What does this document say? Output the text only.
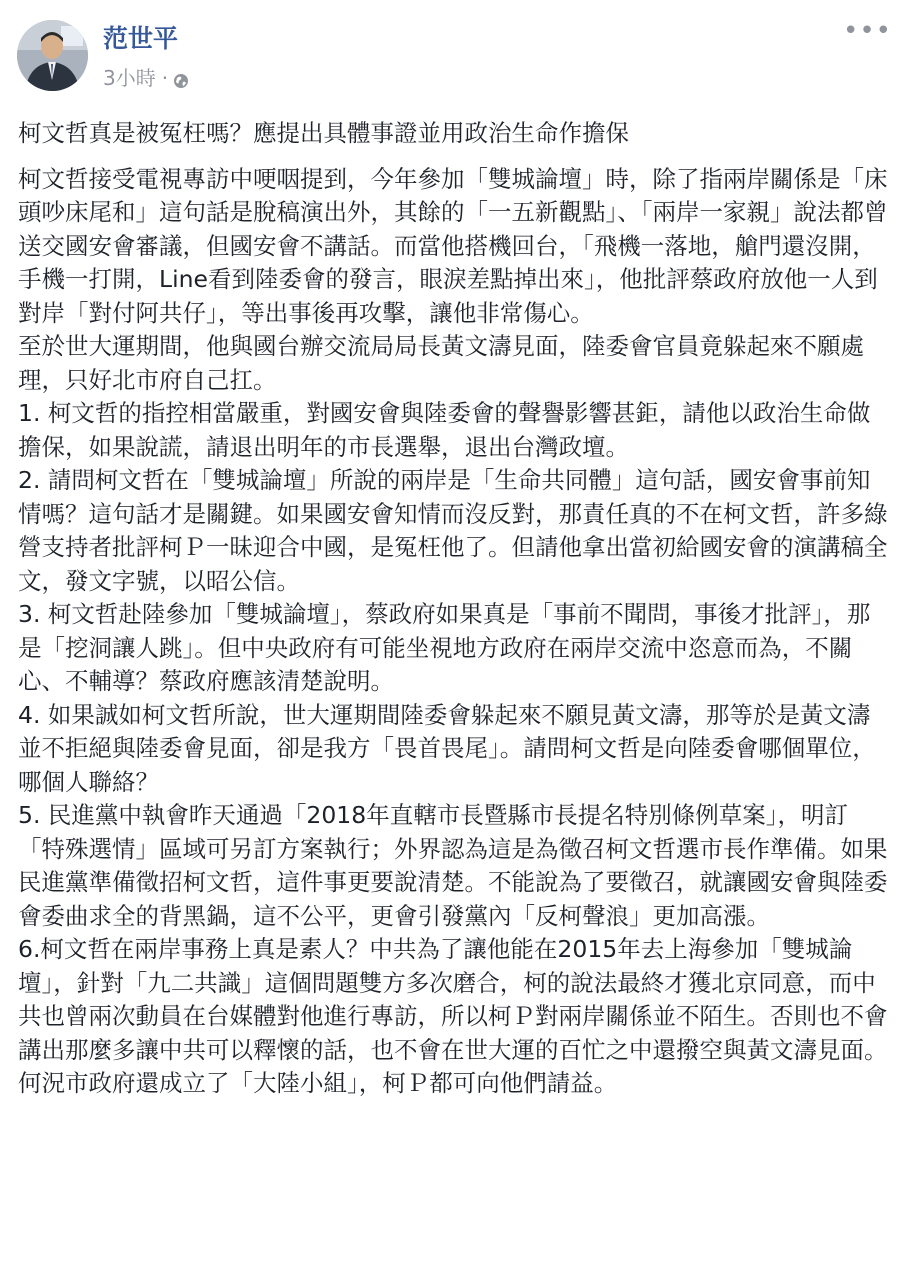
范世平
3小時 ·
•••

柯文哲真是被冤枉嗎？應提出具體事證並用政治生命作擔保

柯文哲接受電視專訪中哽咽提到，今年參加「雙城論壇」時，除了指兩岸關係是「床頭吵床尾和」這句話是脫稿演出外，其餘的「一五新觀點」、「兩岸一家親」說法都曾送交國安會審議，但國安會不講話。而當他搭機回台，「飛機一落地，艙門還沒開，手機一打開，Line看到陸委會的發言，眼淚差點掉出來」，他批評蔡政府放他一人到對岸「對付阿共仔」，等出事後再攻擊，讓他非常傷心。

至於世大運期間，他與國台辦交流局局長黃文濤見面，陸委會官員竟躲起來不願處理，只好北市府自己扛。

1. 柯文哲的指控相當嚴重，對國安會與陸委會的聲譽影響甚鉅，請他以政治生命做擔保，如果說謊，請退出明年的市長選舉，退出台灣政壇。

2. 請問柯文哲在「雙城論壇」所說的兩岸是「生命共同體」這句話，國安會事前知情嗎？這句話才是關鍵。如果國安會知情而沒反對，那責任真的不在柯文哲，許多綠營支持者批評柯Ｐ一昧迎合中國，是冤枉他了。但請他拿出當初給國安會的演講稿全文，發文字號，以昭公信。

3. 柯文哲赴陸參加「雙城論壇」，蔡政府如果真是「事前不聞問，事後才批評」，那是「挖洞讓人跳」。但中央政府有可能坐視地方政府在兩岸交流中恣意而為，不關心、不輔導？蔡政府應該清楚說明。

4. 如果誠如柯文哲所說，世大運期間陸委會躲起來不願見黃文濤，那等於是黃文濤並不拒絕與陸委會見面，卻是我方「畏首畏尾」。請問柯文哲是向陸委會哪個單位，哪個人聯絡？

5. 民進黨中執會昨天通過「2018年直轄市長暨縣市長提名特別條例草案」，明訂「特殊選情」區域可另訂方案執行；外界認為這是為徵召柯文哲選市長作準備。如果民進黨準備徵招柯文哲，這件事更要說清楚。不能說為了要徵召，就讓國安會與陸委會委曲求全的背黑鍋，這不公平，更會引發黨內「反柯聲浪」更加高漲。

6.柯文哲在兩岸事務上真是素人？中共為了讓他能在2015年去上海參加「雙城論壇」，針對「九二共識」這個問題雙方多次磨合，柯的說法最終才獲北京同意，而中共也曾兩次動員在台媒體對他進行專訪，所以柯Ｐ對兩岸關係並不陌生。否則也不會講出那麼多讓中共可以釋懷的話，也不會在世大運的百忙之中還撥空與黃文濤見面。何況市政府還成立了「大陸小組」，柯Ｐ都可向他們請益。
